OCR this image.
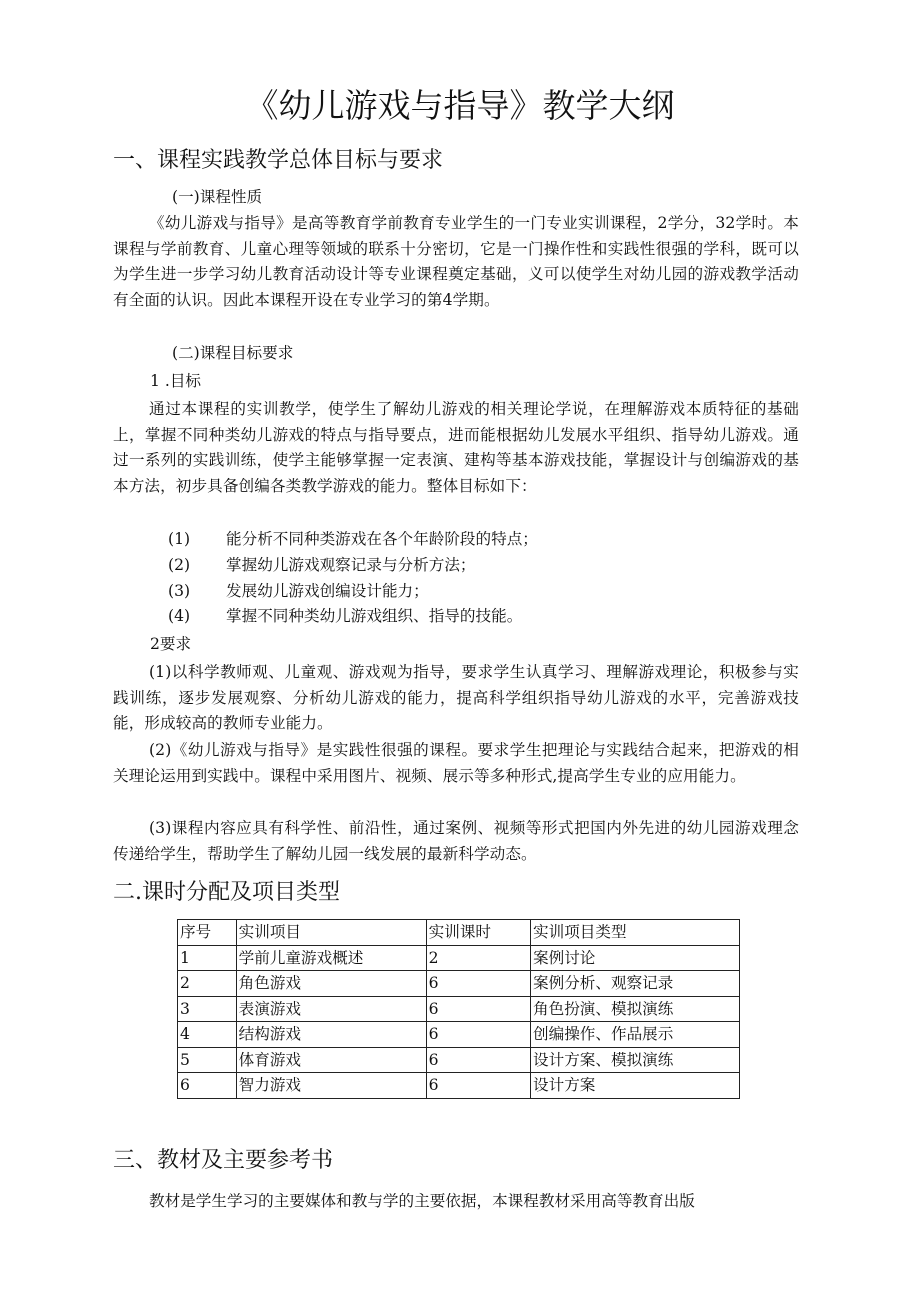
《幼儿游戏与指导》教学大纲
一、课程实践教学总体目标与要求
(一)课程性质

《幼儿游戏与指导》是高等教育学前教育专业学生的一门专业实训课程，2学分，32学时。本课程与学前教育、儿童心理等领域的联系十分密切，它是一门操作性和实践性很强的学科，既可以为学生进一步学习幼儿教育活动设计等专业课程奠定基础，义可以使学生对幼儿园的游戏教学活动有全面的认识。因此本课程开设在专业学习的第4学期。

(二)课程目标要求
1 .目标

通过本课程的实训教学，使学生了解幼儿游戏的相关理论学说，在理解游戏本质特征的基础上，掌握不同种类幼儿游戏的特点与指导要点，进而能根据幼儿发展水平组织、指导幼儿游戏。通过一系列的实践训练，使学主能够掌握一定表演、建构等基本游戏技能，掌握设计与创编游戏的基本方法，初步具备创编各类教学游戏的能力。整体目标如下：

(1) 能分析不同种类游戏在各个年龄阶段的特点；
(2) 掌握幼儿游戏观察记录与分析方法；
(3) 发展幼儿游戏创编设计能力；
(4) 掌握不同种类幼儿游戏组织、指导的技能。
2要求

(1)以科学教师观、儿童观、游戏观为指导，要求学生认真学习、理解游戏理论，积极参与实践训练，逐步发展观察、分析幼儿游戏的能力，提高科学组织指导幼儿游戏的水平，完善游戏技能，形成较高的教师专业能力。

(2)《幼儿游戏与指导》是实践性很强的课程。要求学生把理论与实践结合起来，把游戏的相关理论运用到实践中。课程中采用图片、视频、展示等多种形式,提高学生专业的应用能力。

(3)课程内容应具有科学性、前沿性，通过案例、视频等形式把国内外先进的幼儿园游戏理念传递给学生，帮助学生了解幼儿园一线发展的最新科学动态。

二.课时分配及项目类型
序号	实训项目	实训课时	实训项目类型
1	学前儿童游戏概述	2	案例讨论
2	角色游戏	6	案例分析、观察记录
3	表演游戏	6	角色扮演、模拟演练
4	结构游戏	6	创编操作、作品展示
5	体育游戏	6	设计方案、模拟演练
6	智力游戏	6	设计方案
三、教材及主要参考书
教材是学生学习的主要媒体和教与学的主要依据，本课程教材采用高等教育出版
